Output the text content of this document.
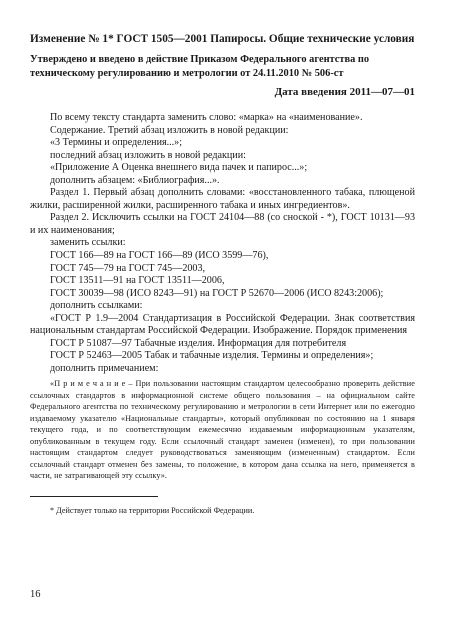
Изменение № 1* ГОСТ 1505—2001 Папиросы. Общие технические условия

Утверждено и введено в действие Приказом Федерального агентства по техническому регулированию и метрологии от 24.11.2010 № 506-ст

Дата введения 2011—07—01

По всему тексту стандарта заменить слово: «марка» на «наименование».

Содержание. Третий абзац изложить в новой редакции:

«3 Термины и определения...»;

последний абзац изложить в новой редакции:

«Приложение А Оценка внешнего вида пачек и папирос...»;

дополнить абзацем: «Библиография...».

Раздел 1. Первый абзац дополнить словами: «восстановленного табака, плющеной жилки, расширенной жилки, расширенного табака и иных ингредиентов».

Раздел 2. Исключить ссылки на ГОСТ 24104—88 (со сноской - *), ГОСТ 10131—93 и их наименования;

заменить ссылки:

ГОСТ 166—89 на ГОСТ 166—89 (ИСО 3599—76),

ГОСТ 745—79 на ГОСТ 745—2003,

ГОСТ 13511—91 на ГОСТ 13511—2006,

ГОСТ 30039—98 (ИСО 8243—91) на ГОСТ Р 52670—2006 (ИСО 8243:2006);

дополнить ссылками:

«ГОСТ Р 1.9—2004 Стандартизация в Российской Федерации. Знак соответствия национальным стандартам Российской Федерации. Изображение. Порядок применения

ГОСТ Р 51087—97 Табачные изделия. Информация для потребителя

ГОСТ Р 52463—2005 Табак и табачные изделия. Термины и определения»;

дополнить примечанием:

«П р и м е ч а н и е – При пользовании настоящим стандартом целесообразно проверить действие ссылочных стандартов в информационной системе общего пользования – на официальном сайте Федерального агентства по техническому регулированию и метрологии в сети Интернет или по ежегодно издаваемому указателю «Национальные стандарты», который опубликован по состоянию на 1 января текущего года, и по соответствующим ежемесячно издаваемым информационным указателям, опубликованным в текущем году. Если ссылочный стандарт заменен (изменен), то при пользовании настоящим стандартом следует руководствоваться заменяющим (измененным) стандартом. Если ссылочный стандарт отменен без замены, то положение, в котором дана ссылка на него, применяется в части, не затрагивающей эту ссылку».

* Действует только на территории Российской Федерации.

16
